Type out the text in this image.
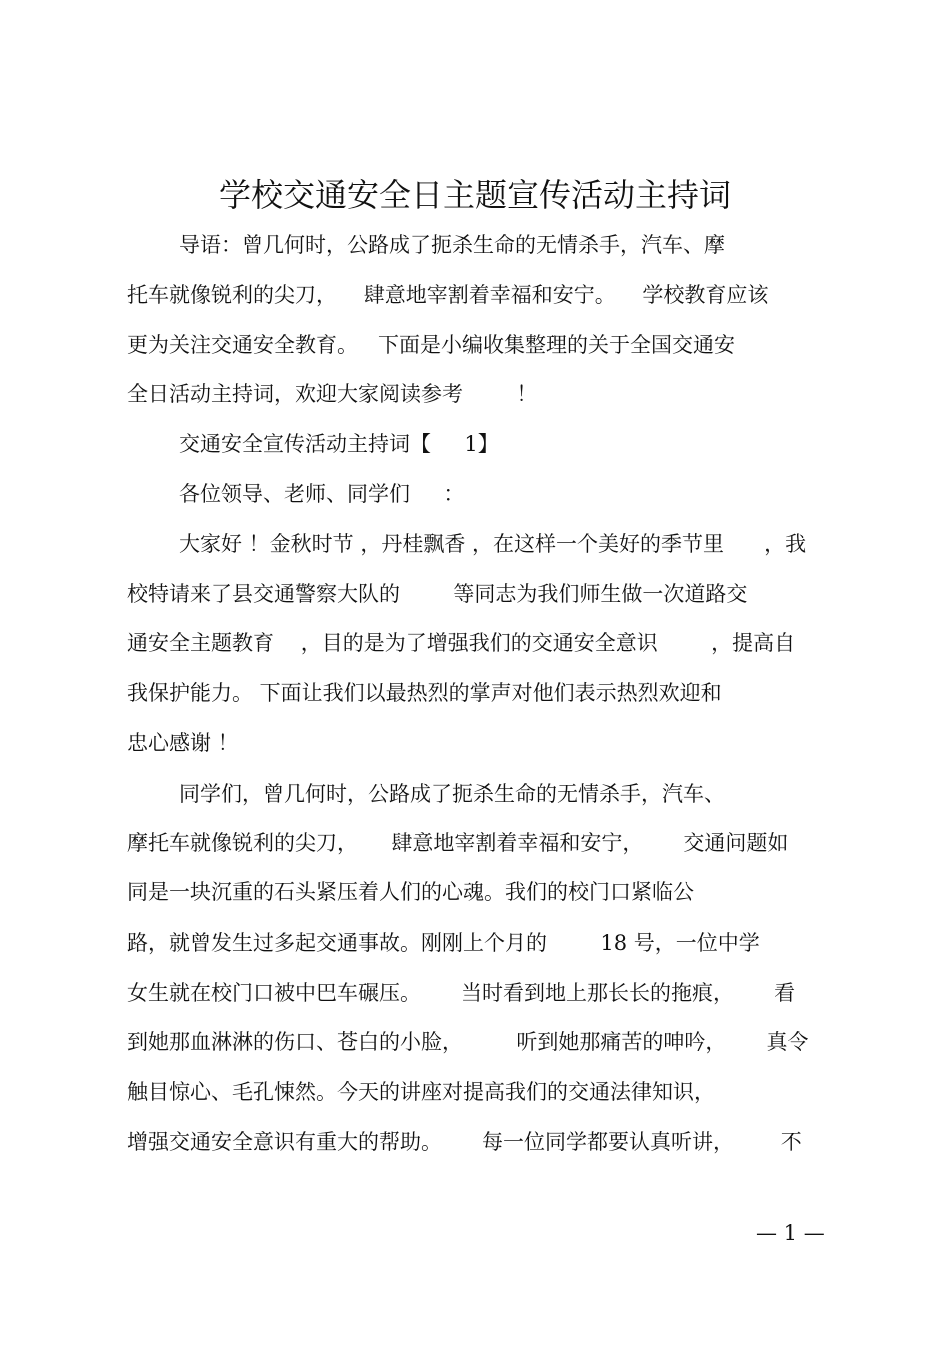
学校交通安全日主题宣传活动主持词
导语：曾几何时，公路成了扼杀生命的无情杀手，汽车、摩
托车就像锐利的尖刀，    肆意地宰割着幸福和安宁。    学校教育应该
更为关注交通安全教育。   下面是小编收集整理的关于全国交通安
全日活动主持词，欢迎大家阅读参考        ！
交通安全宣传活动主持词【     1】
各位领导、老师、同学们     ：
大家好 ！金秋时节 ，丹桂飘香 ，在这样一个美好的季节里      ，我
校特请来了县交通警察大队的        等同志为我们师生做一次道路交
通安全主题教育    ，目的是为了增强我们的交通安全意识        ，提高自
我保护能力。 下面让我们以最热烈的掌声对他们表示热烈欢迎和
忠心感谢 ！
同学们，曾几何时，公路成了扼杀生命的无情杀手，汽车、
摩托车就像锐利的尖刀，     肆意地宰割着幸福和安宁，      交通问题如
同是一块沉重的石头紧压着人们的心魂。我们的校门口紧临公
路，就曾发生过多起交通事故。刚刚上个月的        18 号，一位中学
女生就在校门口被中巴车碾压。      当时看到地上那长长的拖痕，      看
到她那血淋淋的伤口、苍白的小脸，        听到她那痛苦的呻吟，      真令
触目惊心、毛孔悚然。今天的讲座对提高我们的交通法律知识，
增强交通安全意识有重大的帮助。      每一位同学都要认真听讲，       不
— 1 —
